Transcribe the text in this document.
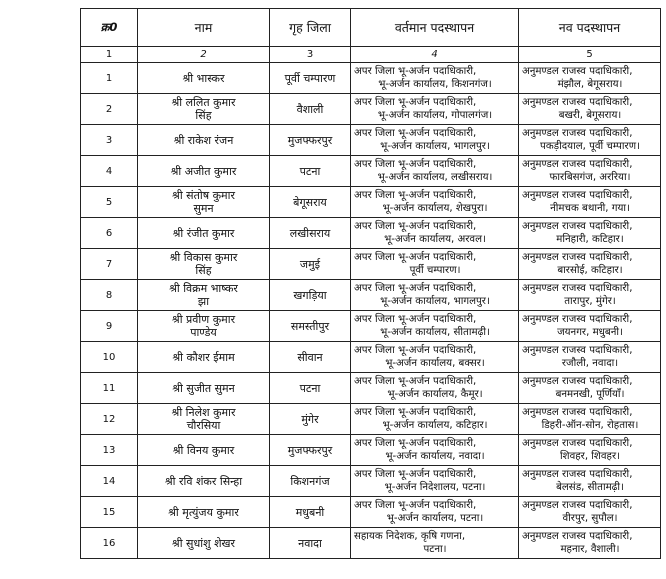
क्र0	नाम	गृह जिला	वर्तमान पदस्थापन	नव पदस्थापन
1	2	3	4	5
1	श्री भास्कर	पूर्वी चम्पारण	अपर जिला भू-अर्जन पदाधिकारी,
भू-अर्जन कार्यालय, किशनगंज।	अनुमण्डल राजस्व पदाधिकारी,
मंझौल, बेगूसराय।

2	श्री ललित कुमार
सिंह	वैशाली	अपर जिला भू-अर्जन पदाधिकारी,
भू-अर्जन कार्यालय, गोपालगंज।	अनुमण्डल राजस्व पदाधिकारी,
बखरी, बेगूसराय।

3	श्री राकेश रंजन	मुजफ्फरपुर	अपर जिला भू-अर्जन पदाधिकारी,
भू-अर्जन कार्यालय, भागलपुर।	अनुमण्डल राजस्व पदाधिकारी,
पकड़ीदयाल, पूर्वी चम्पारण।

4	श्री अजीत कुमार	पटना	अपर जिला भू-अर्जन पदाधिकारी,
भू-अर्जन कार्यालय, लखीसराय।	अनुमण्डल राजस्व पदाधिकारी,
फारबिसगंज, अररिया।

5	श्री संतोष कुमार
सुमन	बेगूसराय	अपर जिला भू-अर्जन पदाधिकारी,
भू-अर्जन कार्यालय, शेखपुरा।	अनुमण्डल राजस्व पदाधिकारी,
नीमचक बथानी, गया।

6	श्री रंजीत कुमार	लखीसराय	अपर जिला भू-अर्जन पदाधिकारी,
भू-अर्जन कार्यालय, अरवल।	अनुमण्डल राजस्व पदाधिकारी,
मनिहारी, कटिहार।

7	श्री विकास कुमार
सिंह	जमुई	अपर जिला भू-अर्जन पदाधिकारी,
पूर्वी चम्पारण।	अनुमण्डल राजस्व पदाधिकारी,
बारसोई, कटिहार।

8	श्री विक्रम भाष्कर
झा	खगड़िया	अपर जिला भू-अर्जन पदाधिकारी,
भू-अर्जन कार्यालय, भागलपुर।	अनुमण्डल राजस्व पदाधिकारी,
तारापुर, मुंगेर।

9	श्री प्रवीण कुमार
पाण्डेय	समस्तीपुर	अपर जिला भू-अर्जन पदाधिकारी,
भू-अर्जन कार्यालय, सीतामढ़ी।	अनुमण्डल राजस्व पदाधिकारी,
जयनगर, मधुबनी।

10	श्री कौशर ईमाम	सीवान	अपर जिला भू-अर्जन पदाधिकारी,
भू-अर्जन कार्यालय, बक्सर।	अनुमण्डल राजस्व पदाधिकारी,
रजौली, नवादा।

11	श्री सुजीत सुमन	पटना	अपर जिला भू-अर्जन पदाधिकारी,
भू-अर्जन कार्यालय, कैमूर।	अनुमण्डल राजस्व पदाधिकारी,
बनमनखी, पूर्णियाँ।

12	श्री निलेश कुमार
चौरसिया	मुंगेर	अपर जिला भू-अर्जन पदाधिकारी,
भू-अर्जन कार्यालय, कटिहार।	अनुमण्डल राजस्व पदाधिकारी,
डिहरी-ऑन-सोन, रोहतास।

13	श्री विनय कुमार	मुजफ्फरपुर	अपर जिला भू-अर्जन पदाधिकारी,
भू-अर्जन कार्यालय, नवादा।	अनुमण्डल राजस्व पदाधिकारी,
शिवहर, शिवहर।

14	श्री रवि शंकर सिन्हा	किशनगंज	अपर जिला भू-अर्जन पदाधिकारी,
भू-अर्जन निदेशालय, पटना।	अनुमण्डल राजस्व पदाधिकारी,
बेलसंड, सीतामढ़ी।

15	श्री मृत्युंजय कुमार	मधुबनी	अपर जिला भू-अर्जन पदाधिकारी,
भू-अर्जन कार्यालय, पटना।	अनुमण्डल राजस्व पदाधिकारी,
वीरपुर, सुपौल।

16	श्री सुधांशु शेखर	नवादा	सहायक निदेशक, कृषि गणना,
पटना।	अनुमण्डल राजस्व पदाधिकारी,
महनार, वैशाली।
